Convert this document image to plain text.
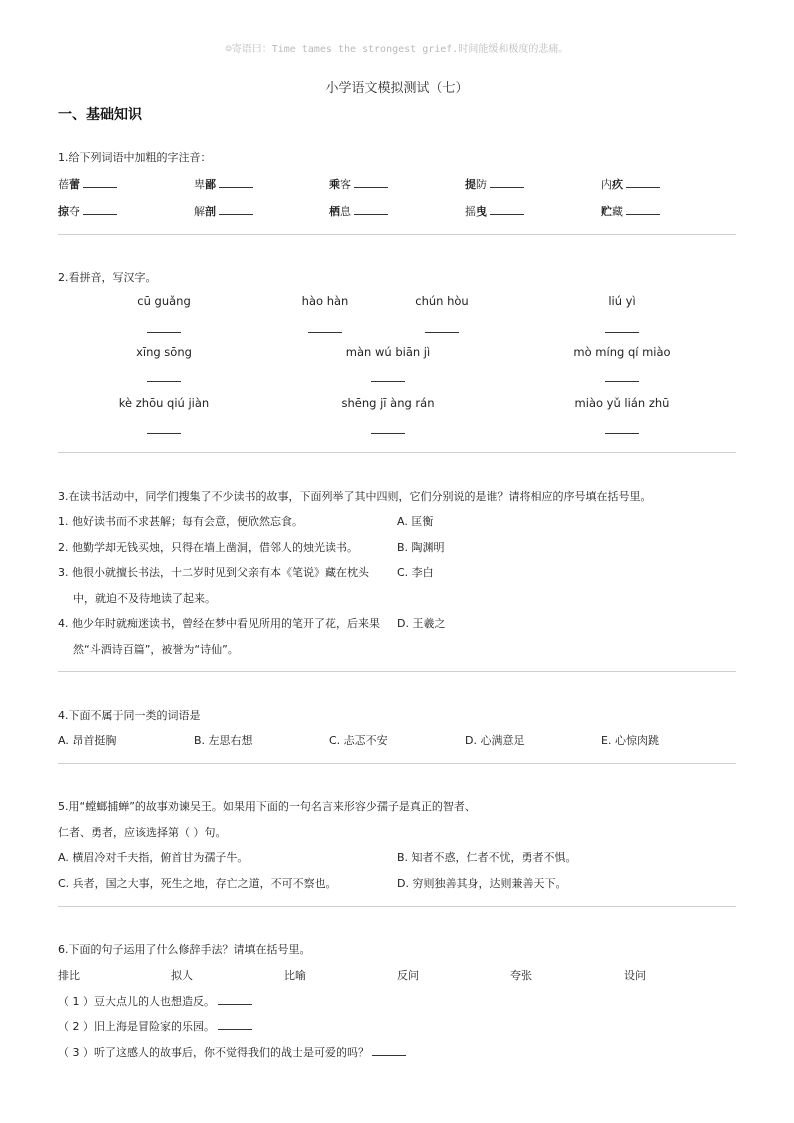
☺寄语曰：Time tames the strongest grief.时间能缓和极度的悲痛。
小学语文模拟测试（七）
一、基础知识
1.给下列词语中加粗的字注音：
蓓蕾	卑鄙	乘客	提防	内疚
掠夺	解剖	栖息	摇曳	贮藏
2.看拼音，写汉字。
cū guǎng	hào hàn	chún hòu	liú yì
xīng sōng	màn wú biān jì	mò míng qí miào
kè zhōu qiú jiàn	shēng jī àng rán	miào yǔ lián zhū
3.在读书活动中，同学们搜集了不少读书的故事，下面列举了其中四则，它们分别说的是谁？请将相应的序号填在括号里。
1. 他好读书而不求甚解；每有会意，便欣然忘食。
2. 他勤学却无钱买烛，只得在墙上凿洞，借邻人的烛光读书。
3. 他很小就擅长书法，十二岁时见到父亲有本《笔说》藏在枕头
中，就迫不及待地读了起来。
4. 他少年时就痴迷读书，曾经在梦中看见所用的笔开了花，后来果
然“斗酒诗百篇”，被誉为“诗仙”。
A. 匡衡
B. 陶渊明
C. 李白
D. 王羲之
4.下面不属于同一类的词语是
A. 昂首挺胸	B. 左思右想	C. 忐忑不安	D. 心满意足	E. 心惊肉跳
5.用“螳螂捕蝉”的故事劝谏吴王。如果用下面的一句名言来形容少孺子是真正的智者、
仁者、勇者，应该选择第（ ）句。
A. 横眉冷对千夫指，俯首甘为孺子牛。	B. 知者不惑，仁者不忧，勇者不惧。
C. 兵者，国之大事，死生之地，存亡之道，不可不察也。	D. 穷则独善其身，达则兼善天下。
6.下面的句子运用了什么修辞手法？请填在括号里。
排比	拟人	比喻	反问	夸张	设问
（ 1 ）豆大点儿的人也想造反。
（ 2 ）旧上海是冒险家的乐园。
（ 3 ）听了这感人的故事后，你不觉得我们的战士是可爱的吗？
